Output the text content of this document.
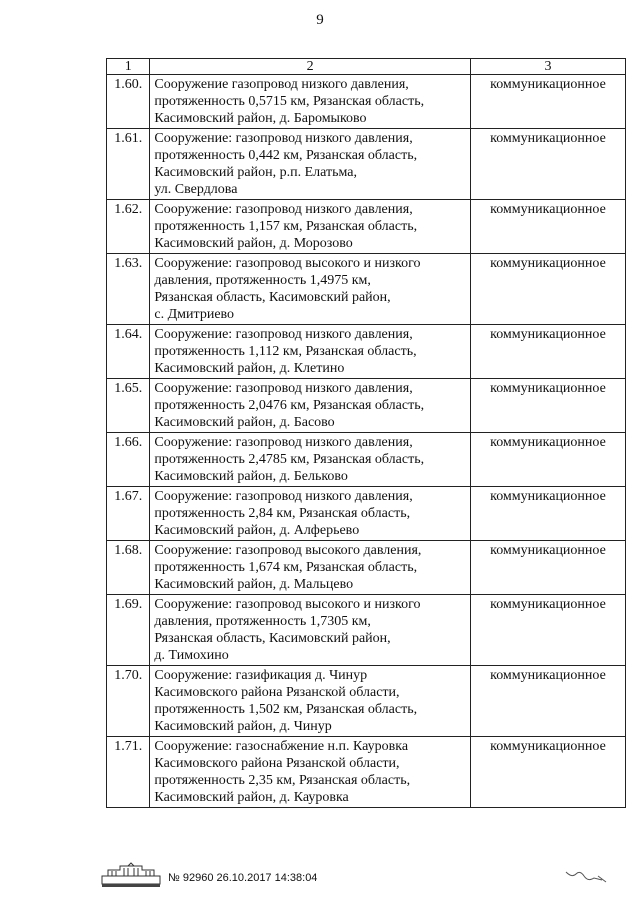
9
1	2	3
1.60.	Сооружение газопровод низкого давления,
протяженность 0,5715 км, Рязанская область,
Касимовский район, д. Баромыково	коммуникационное
1.61.	Сооружение: газопровод низкого давления,
протяженность 0,442 км, Рязанская область,
Касимовский район, р.п. Елатьма,
ул. Свердлова	коммуникационное
1.62.	Сооружение: газопровод низкого давления,
протяженность 1,157 км, Рязанская область,
Касимовский район, д. Морозово	коммуникационное
1.63.	Сооружение: газопровод высокого и низкого
давления, протяженность 1,4975 км,
Рязанская область, Касимовский район,
с. Дмитриево	коммуникационное
1.64.	Сооружение: газопровод низкого давления,
протяженность 1,112 км, Рязанская область,
Касимовский район, д. Клетино	коммуникационное
1.65.	Сооружение: газопровод низкого давления,
протяженность 2,0476 км, Рязанская область,
Касимовский район, д. Басово	коммуникационное
1.66.	Сооружение: газопровод низкого давления,
протяженность 2,4785 км, Рязанская область,
Касимовский район, д. Бельково	коммуникационное
1.67.	Сооружение: газопровод низкого давления,
протяженность 2,84 км, Рязанская область,
Касимовский район, д. Алферьево	коммуникационное
1.68.	Сооружение: газопровод высокого давления,
протяженность 1,674 км, Рязанская область,
Касимовский район, д. Мальцево	коммуникационное
1.69.	Сооружение: газопровод высокого и низкого
давления, протяженность 1,7305 км,
Рязанская область, Касимовский район,
д. Тимохино	коммуникационное
1.70.	Сооружение: газификация д. Чинур
Касимовского района Рязанской области,
протяженность 1,502 км, Рязанская область,
Касимовский район, д. Чинур	коммуникационное
1.71.	Сооружение: газоснабжение н.п. Кауровка
Касимовского района Рязанской области,
протяженность 2,35 км, Рязанская область,
Касимовский район, д. Кауровка	коммуникационное
№ 92960 26.10.2017 14:38:04
